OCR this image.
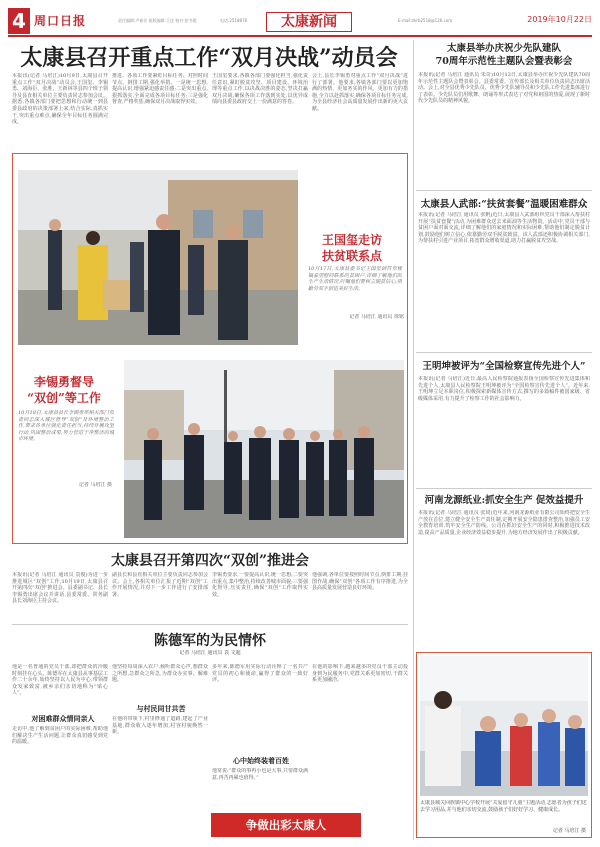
4 周口日报	责任编辑:卢新民 排版编辑:王佳 校对:彭书霞	电话:2518876	太康新闻	E-mail:zkrb2518@126.com	2019年10月22日
太康县召开重点工作“双月决战”动员会
本报讯(记者 马培江)10月9日,太康县召开重点工作“双月决战”动员会,王国玺、李锡勇、刘海臣、张胜、王新林等县四个班子领导及县直相关单位主要负责同志参加会议。据悉,各镇各部门要把思想和行动统一到县委县政府的决策部署上来,结合实际,真抓实干,突出重点难点,确保全年目标任务圆满完成。
推进、各项工作要紧盯目标任务、对照时间节点、倒排工期,强化举措。一是统一思想,提高认识,增强紧迫感责任感;二是突出重点,狠抓落实,全面完成各项目标任务;三是强化督查,严格奖惩,确保双月决战取得实效。
王国玺要求,各镇各部门要强化担当,强化责任意识,紧盯脱贫攻坚、项目建设、环境治理等重点工作,以决战决胜的姿态,坚决打赢双月决战,确保各项工作落到实处,以优异成绩向县委县政府交上一份满意的答卷。
会上,县长李锡勇对重点工作“双月决战”进行了部署。他要求,各镇各部门要以更加饱满的热情、更加务实的作风、更加有力的措施,全力以赴抓落实,确保各项目标任务完成,为全县经济社会高质量发展作出新的更大贡献。
王国玺走访
扶贫联系点
10月17日,太康县委书记王国玺到符草楼镇看望慰问联系的贫困户,详细了解他们的生产生活情况,叮嘱他们要树立脱贫信心,用勤劳双手创造美好生活。
记者 马培江 通讯员 徐铭
李锡勇督导
“双创”等工作
10月18日,太康县县长李锡勇率相关部门负责同志深入城区督导“双创”及环境整治工作,要求各单位强化责任担当,持续开展攻坚行动,巩固整治成果,努力营造干净整洁的城市环境。
记者 马培江 摄
太康县召开第四次“双创”推进会
本报讯(记者 马培江 通讯员 袁俊)为进一步推进城区“双创”工作,10月19日,太康县召开第四次“双创”推进会。县委副书记、县长李锡勇出席会议并讲话,县委常委、常务副县长刘海臣主持会议。
副县长和县直相关单位主要负责同志参加会议。会上,各相关单位汇报了近期“双创”工作开展情况,并对下一步工作进行了安排部署。
李锡勇要求,一要提高认识,统一思想;二要突出重点,集中整治,持续改善城市面貌;三要强化督导,压实责任,确保“双创”工作取得实效。
他强调,各单位要按照时间节点,倒排工期,挂图作战,确保“双创”各项工作有序推进,为全县高质量发展营造良好环境。
陈德军的为民情怀
记者 马培江 通讯员 袁 文超
他是一名普通的党员干部,却把群众的冷暖时刻挂在心头。陈德军在太康县从事基层工作二十余年,始终坚持以人民为中心,带领群众发家致富,被乡亲们亲切地称为“贴心人”。
对困难群众情同亲人
走访中,他了解到贫困户的实际困难,帮助他们解决生产生活问题,让群众真切感受到党的温暖。
他坚持每周深入农户,倾听群众心声,想群众之所想,急群众之所急,为群众办实事、解难题。
与村民同甘共苦
在他的带领下,村里修通了道路,建起了产业基地,群众收入逐年增加,村容村貌焕然一新。
多年来,陈德军用实际行动诠释了一名共产党员的初心和使命,赢得了群众的一致好评。
心中始终装着百姓
他常说:“群众的事再小也是大事,只要群众满意,再苦再累也值得。”
在他的影响下,越来越多的党员干部主动投身到为民服务中,党群关系更加密切,干群关系更加融洽。
争做出彩太康人
太康县举办庆祝少先队建队
70周年示范性主题队会暨表彰会
本报讯(记者 马培江 通讯员 朱奇)10月13日,太康县举办庆祝少先队建队70周年示范性主题队会暨表彰会。县委常委、宣传部长及相关单位负责同志出席活动。会上,对全县优秀少先队员、优秀少先队辅导员和少先队工作先进集体进行了表彰。少先队员们用歌舞、朗诵等形式表达了对党和祖国的热爱,展现了新时代少先队员的精神风貌。
太康县人武部:“扶贫套餐”温暖困难群众
本报讯(记者 马培江 通讯员 张帆)近日,太康县人武部组织党员干部深入帮扶村开展“扶贫套餐”活动,为困难群众送去米面油等生活物资。活动中,党员干部与贫困户面对面交流,详细了解他们的家庭情况和实际困难,帮助他们制定脱贫计划,鼓励他们树立信心,依靠勤劳双手脱贫致富。该人武部还积极协调相关部门,为帮扶村引进产业项目,拓宽群众增收渠道,助力打赢脱贫攻坚战。
王明坤被评为“全国检察宣传先进个人”
本报讯(记者 马培江)近日,最高人民检察院通报表扬全国检察宣传先进集体和先进个人,太康县人民检察院王明坤被评为“全国检察宣传先进个人”。近年来,王明坤立足本职岗位,积极探索新媒体宣传方式,撰写的多篇稿件被国家级、省级媒体采用,有力提升了检察工作的社会影响力。
河南龙源纸业:抓安全生产 促效益提升
本报讯(记者 马培江 通讯员 张琦)近年来,河南龙源纸业有限公司始终把安全生产放在首位,建立健全安全生产责任制,定期开展安全隐患排查整治,加强员工安全教育培训,筑牢安全生产防线。公司在抓好安全生产的同时,积极推进技术改造,提高产品质量,企业经济效益稳步提升,为地方经济发展作出了积极贡献。
太康县城关回族镇中心学校开展“关爱留守儿童”主题活动,志愿者为孩子们送去学习用品,并与他们亲切交流,鼓励孩子们好好学习、健康成长。
记者 马培江 摄
